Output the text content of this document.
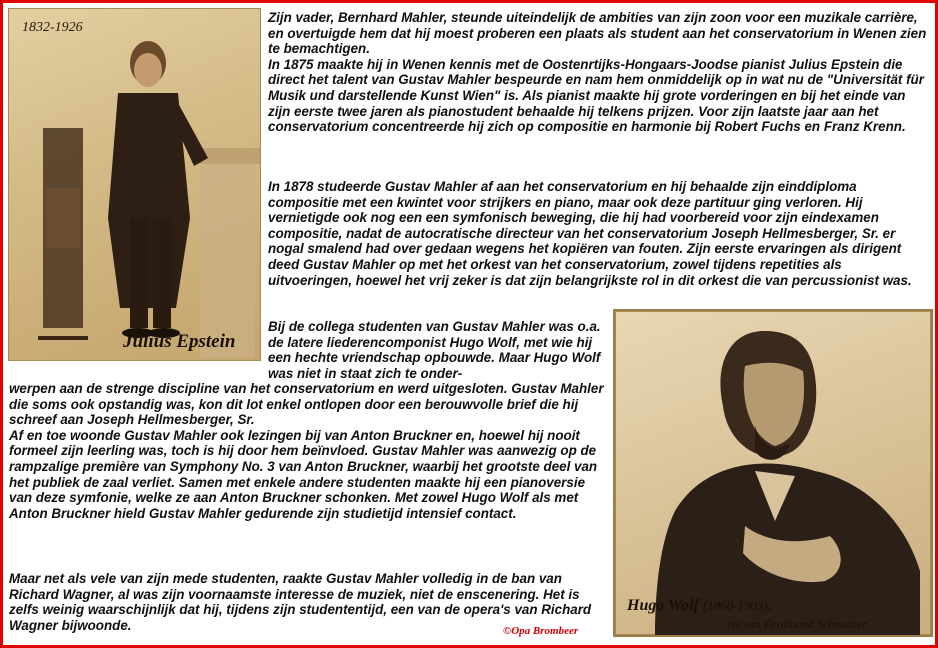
1832-1926
Julius Epstein

Zijn vader, Bernhard Mahler, steunde uiteindelijk de ambities van zijn zoon voor een muzikale carrière, en overtuigde hem dat hij moest proberen een plaats als student aan het conservatorium in Wenen zien te bemachtigen.
In 1875 maakte hij in Wenen kennis met de Oostenrtijks-Hongaars-Joodse pianist Julius Epstein die direct het talent van Gustav Mahler bespeurde en nam hem onmiddelijk op in wat nu de "Universität für Musik und darstellende Kunst Wien" is. Als pianist maakte hij grote vorderingen en bij het einde van zijn eerste twee jaren als pianostudent behaalde hij telkens prijzen. Voor zijn laatste jaar aan het conservatorium concentreerde hij zich op compositie en harmonie bij Robert Fuchs en Franz Krenn.

In 1878 studeerde Gustav Mahler af aan het conservatorium en hij behaalde zijn einddiploma compositie met een kwintet voor strijkers en piano, maar ook deze partituur ging verloren. Hij vernietigde ook nog een een symfonisch beweging, die hij had voorbereid voor zijn eindexamen compositie, nadat de autocratische directeur van het conservatorium Joseph Hellmesberger, Sr. er nogal smalend had over gedaan wegens het kopiëren van fouten. Zijn eerste ervaringen als dirigent deed Gustav Mahler op met het orkest van het conservatorium, zowel tijdens repetities als uitvoeringen, hoewel het vrij zeker is dat zijn belangrijkste rol in dit orkest die van percussionist was.

Bij de collega studenten van Gustav Mahler was o.a. de latere liederencomponist Hugo Wolf, met wie hij een hechte vriendschap opbouwde. Maar Hugo Wolf was niet in staat zich te onder-

werpen aan de strenge discipline van het conservatorium en werd uitgesloten. Gustav Mahler die soms ook opstandig was, kon dit lot enkel ontlopen door een berouwvolle brief die hij schreef aan Joseph Hellmesberger, Sr.
Af en toe woonde Gustav Mahler ook lezingen bij van Anton Bruckner en, hoewel hij nooit formeel zijn leerling was, toch is hij door hem beïnvloed. Gustav Mahler was aanwezig op de rampzalige première van Symphony No. 3 van Anton Bruckner, waarbij het grootste deel van het publiek de zaal verliet. Samen met enkele andere studenten maakte hij een pianoversie van deze symfonie, welke ze aan Anton Bruckner schonken. Met zowel Hugo Wolf als met Anton Bruckner hield Gustav Mahler gedurende zijn studietijd intensief contact.

Maar net als vele van zijn mede studenten, raakte Gustav Mahler volledig in de ban van Richard Wagner, al was zijn voornaamste interesse de muziek, niet de enscenering. Het is zelfs weinig waarschijnlijk dat hij, tijdens zijn studententijd, een van de opera's van Richard Wagner bijwoonde.

Hugo Wolf (1860-1903),
ets van Ferdinand Schmutzer
©Opa Brombeer
